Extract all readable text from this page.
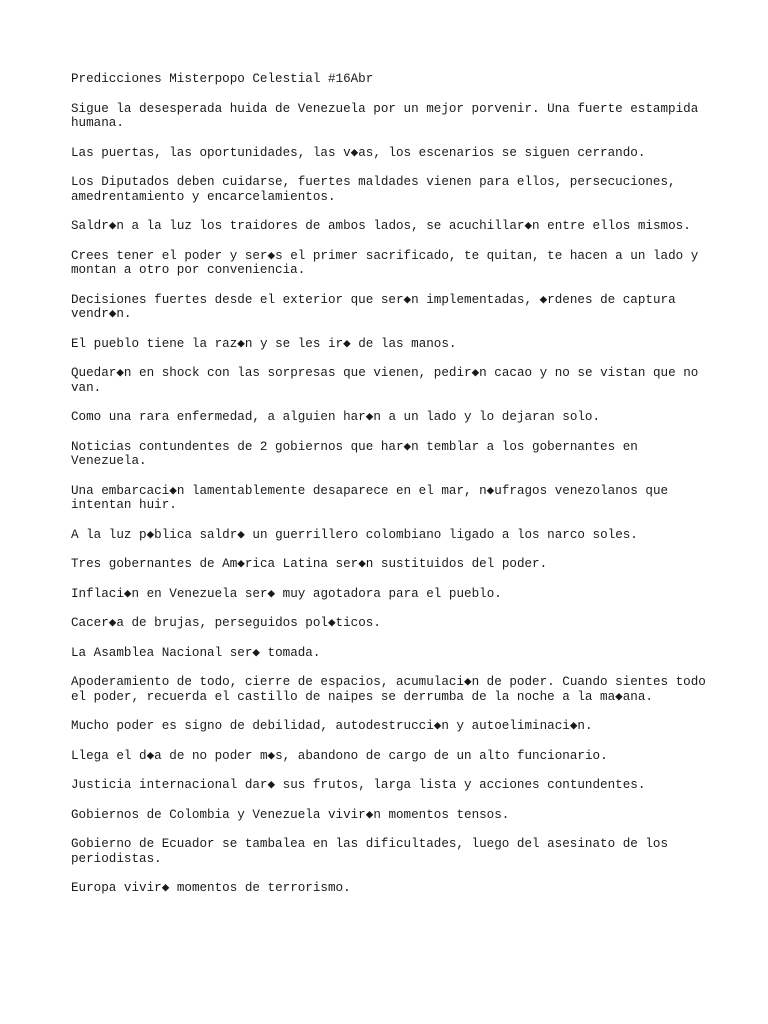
Predicciones Misterpopo Celestial #16Abr

Sigue la desesperada huida de Venezuela por un mejor porvenir. Una fuerte estampida humana.

Las puertas, las oportunidades, las v◆as, los escenarios se siguen cerrando.

Los Diputados deben cuidarse, fuertes maldades vienen para ellos, persecuciones, amedrentamiento y encarcelamientos.

Saldr◆n a la luz los traidores de ambos lados, se acuchillar◆n entre ellos mismos.

Crees tener el poder y ser◆s el primer sacrificado, te quitan, te hacen a un lado y montan a otro por conveniencia.

Decisiones fuertes desde el exterior que ser◆n implementadas, ◆rdenes de captura vendr◆n.

El pueblo tiene la raz◆n y se les ir◆ de las manos.

Quedar◆n en shock con las sorpresas que vienen, pedir◆n cacao y no se vistan que no van.

Como una rara enfermedad, a alguien har◆n a un lado y lo dejaran solo.

Noticias contundentes de 2 gobiernos que har◆n temblar a los gobernantes en Venezuela.

Una embarcaci◆n lamentablemente desaparece en el mar, n◆ufragos venezolanos que intentan huir.

A la luz p◆blica saldr◆ un guerrillero colombiano ligado a los narco soles.

Tres gobernantes de Am◆rica Latina ser◆n sustituidos del poder.

Inflaci◆n en Venezuela ser◆ muy agotadora para el pueblo.

Cacer◆a de brujas, perseguidos pol◆ticos.

La Asamblea Nacional ser◆ tomada.

Apoderamiento de todo, cierre de espacios, acumulaci◆n de poder. Cuando sientes todo el poder, recuerda el castillo de naipes se derrumba de la noche a la ma◆ana.

Mucho poder es signo de debilidad, autodestrucci◆n y autoeliminaci◆n.

Llega el d◆a de no poder m◆s, abandono de cargo de un alto funcionario.

Justicia internacional dar◆ sus frutos, larga lista y acciones contundentes.

Gobiernos de Colombia y Venezuela vivir◆n momentos tensos.

Gobierno de Ecuador se tambalea en las dificultades, luego del asesinato de los periodistas.

Europa vivir◆ momentos de terrorismo.
